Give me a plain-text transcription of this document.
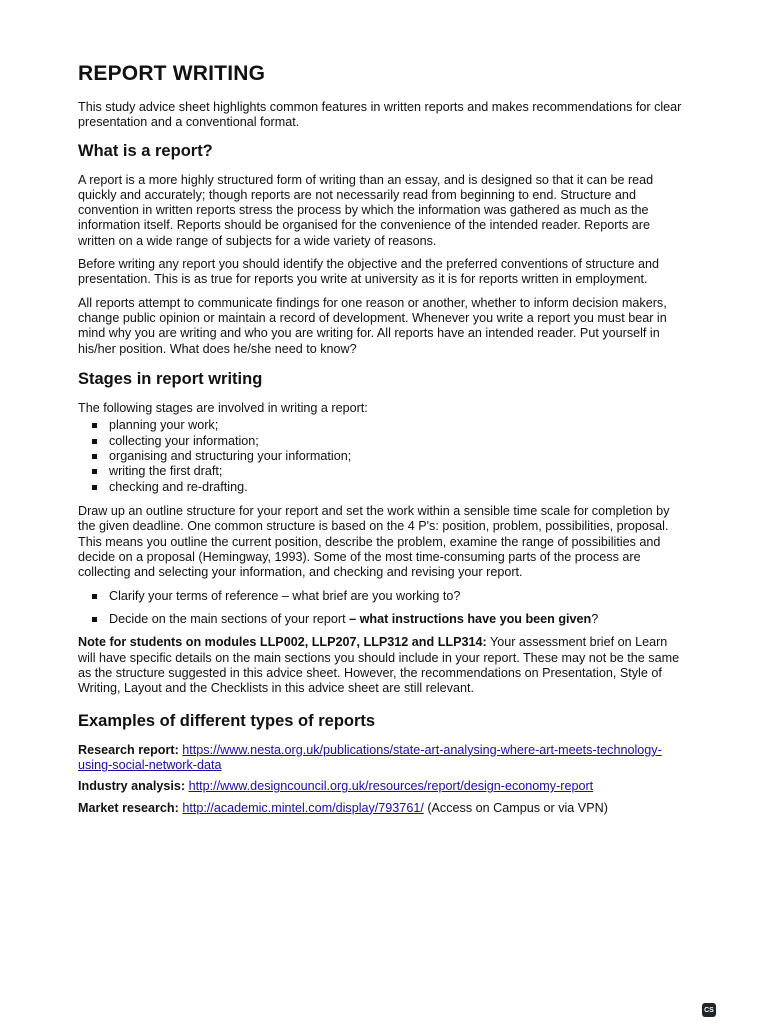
REPORT WRITING

This study advice sheet highlights common features in written reports and makes recommendations for clear presentation and a conventional format.

What is a report?

A report is a more highly structured form of writing than an essay, and is designed so that it can be read quickly and accurately; though reports are not necessarily read from beginning to end. Structure and convention in written reports stress the process by which the information was gathered as much as the information itself. Reports should be organised for the convenience of the intended reader. Reports are written on a wide range of subjects for a wide variety of reasons.

Before writing any report you should identify the objective and the preferred conventions of structure and presentation. This is as true for reports you write at university as it is for reports written in employment.

All reports attempt to communicate findings for one reason or another, whether to inform decision makers, change public opinion or maintain a record of development. Whenever you write a report you must bear in mind why you are writing and who you are writing for. All reports have an intended reader. Put yourself in his/her position. What does he/she need to know?

Stages in report writing

The following stages are involved in writing a report:

planning your work;
collecting your information;
organising and structuring your information;
writing the first draft;
checking and re-drafting.

Draw up an outline structure for your report and set the work within a sensible time scale for completion by the given deadline. One common structure is based on the 4 P's: position, problem, possibilities, proposal. This means you outline the current position, describe the problem, examine the range of possibilities and decide on a proposal (Hemingway, 1993). Some of the most time-consuming parts of the process are collecting and selecting your information, and checking and revising your report.

Clarify your terms of reference – what brief are you working to?
Decide on the main sections of your report – what instructions have you been given?

Note for students on modules LLP002, LLP207, LLP312 and LLP314: Your assessment brief on Learn will have specific details on the main sections you should include in your report. These may not be the same as the structure suggested in this advice sheet. However, the recommendations on Presentation, Style of Writing, Layout and the Checklists in this advice sheet are still relevant.

Examples of different types of reports

Research report: https://www.nesta.org.uk/publications/state-art-analysing-where-art-meets-technology-using-social-network-data

Industry analysis: http://www.designcouncil.org.uk/resources/report/design-economy-report

Market research: http://academic.mintel.com/display/793761/ (Access on Campus or via VPN)

CS
